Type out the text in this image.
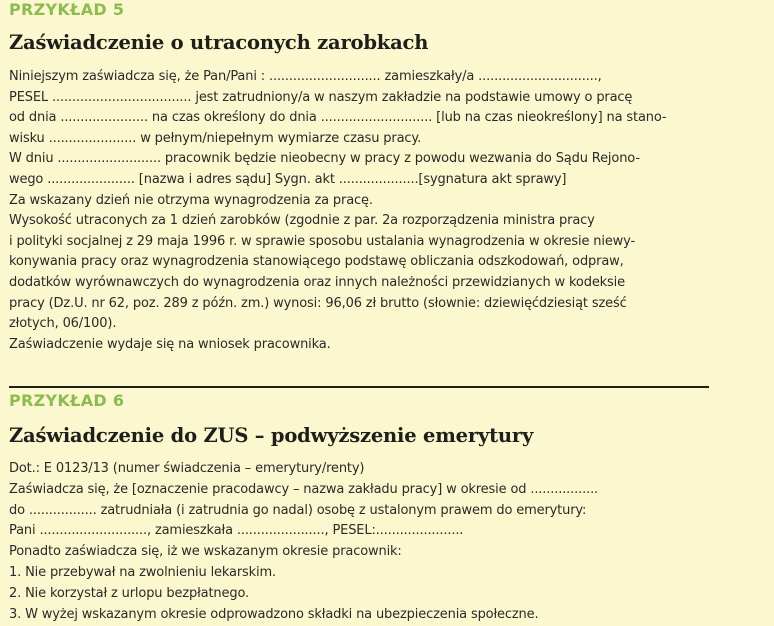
PRZYKŁAD 5
Zaświadczenie o utraconych zarobkach
Niniejszym zaświadcza się, że Pan/Pani : ............................ zamieszkały/a ..............................,
PESEL ................................... jest zatrudniony/a w naszym zakładzie na podstawie umowy o pracę
od dnia ...................... na czas określony do dnia ............................ [lub na czas nieokreślony] na stano-
wisku ...................... w pełnym/niepełnym wymiarze czasu pracy.
W dniu .......................... pracownik będzie nieobecny w pracy z powodu wezwania do Sądu Rejono-
wego ...................... [nazwa i adres sądu] Sygn. akt ....................[sygnatura akt sprawy]
Za wskazany dzień nie otrzyma wynagrodzenia za pracę.
Wysokość utraconych za 1 dzień zarobków (zgodnie z par. 2a rozporządzenia ministra pracy
i polityki socjalnej z 29 maja 1996 r. w sprawie sposobu ustalania wynagrodzenia w okresie niewy-
konywania pracy oraz wynagrodzenia stanowiącego podstawę obliczania odszkodowań, odpraw,
dodatków wyrównawczych do wynagrodzenia oraz innych należności przewidzianych w kodeksie
pracy (Dz.U. nr 62, poz. 289 z późn. zm.) wynosi: 96,06 zł brutto (słownie: dziewięćdziesiąt sześć
złotych, 06/100).
Zaświadczenie wydaje się na wniosek pracownika.
PRZYKŁAD 6
Zaświadczenie do ZUS – podwyższenie emerytury
Dot.: E 0123/13 (numer świadczenia – emerytury/renty)
Zaświadcza się, że [oznaczenie pracodawcy – nazwa zakładu pracy] w okresie od .................
do ................. zatrudniała (i zatrudnia go nadal) osobę z ustalonym prawem do emerytury:
Pani ..........................., zamieszkała ......................, PESEL:......................
Ponadto zaświadcza się, iż we wskazanym okresie pracownik:
1. Nie przebywał na zwolnieniu lekarskim.
2. Nie korzystał z urlopu bezpłatnego.
3. W wyżej wskazanym okresie odprowadzono składki na ubezpieczenia społeczne.
